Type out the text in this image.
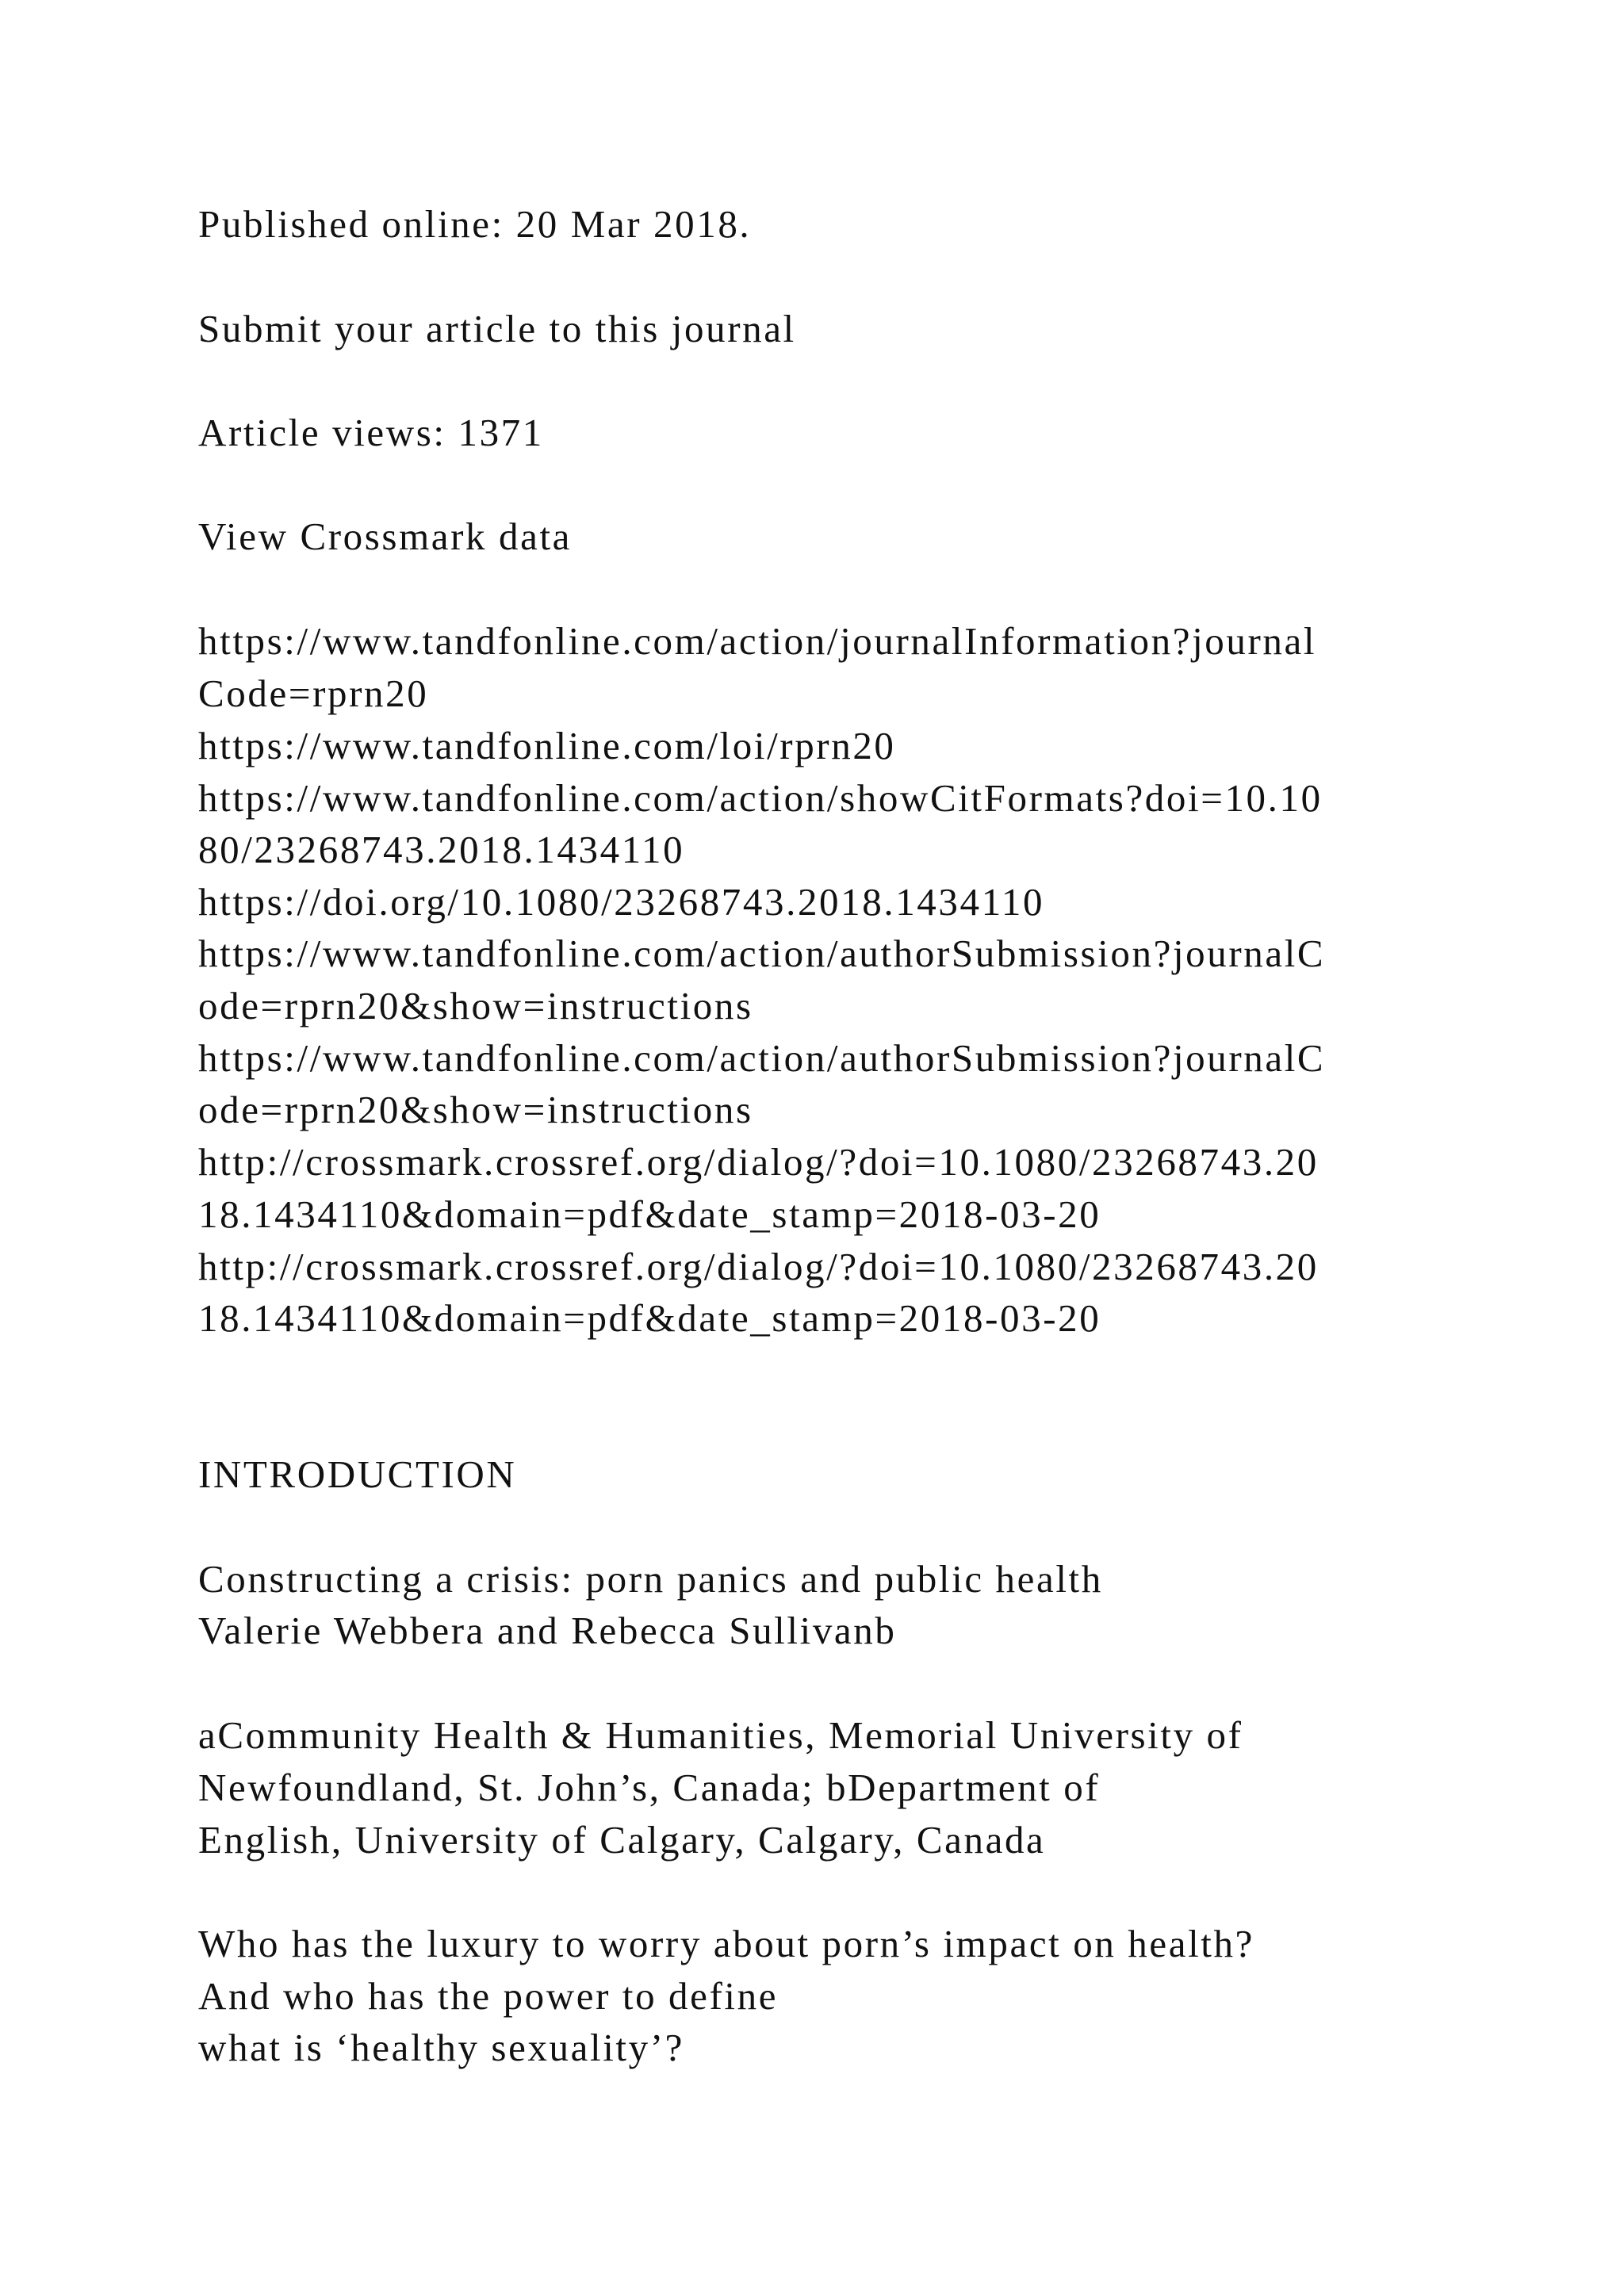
Published online: 20 Mar 2018.
Submit your article to this journal
Article views: 1371
View Crossmark data
https://www.tandfonline.com/action/journalInformation?journal
Code=rprn20
https://www.tandfonline.com/loi/rprn20
https://www.tandfonline.com/action/showCitFormats?doi=10.10
80/23268743.2018.1434110
https://doi.org/10.1080/23268743.2018.1434110
https://www.tandfonline.com/action/authorSubmission?journalC
ode=rprn20&show=instructions
https://www.tandfonline.com/action/authorSubmission?journalC
ode=rprn20&show=instructions
http://crossmark.crossref.org/dialog/?doi=10.1080/23268743.20
18.1434110&domain=pdf&date_stamp=2018-03-20
http://crossmark.crossref.org/dialog/?doi=10.1080/23268743.20
18.1434110&domain=pdf&date_stamp=2018-03-20
INTRODUCTION
Constructing a crisis: porn panics and public health
Valerie Webbera and Rebecca Sullivanb
aCommunity Health & Humanities, Memorial University of
Newfoundland, St. John’s, Canada; bDepartment of
English, University of Calgary, Calgary, Canada
Who has the luxury to worry about porn’s impact on health?
And who has the power to define
what is ‘healthy sexuality’?
